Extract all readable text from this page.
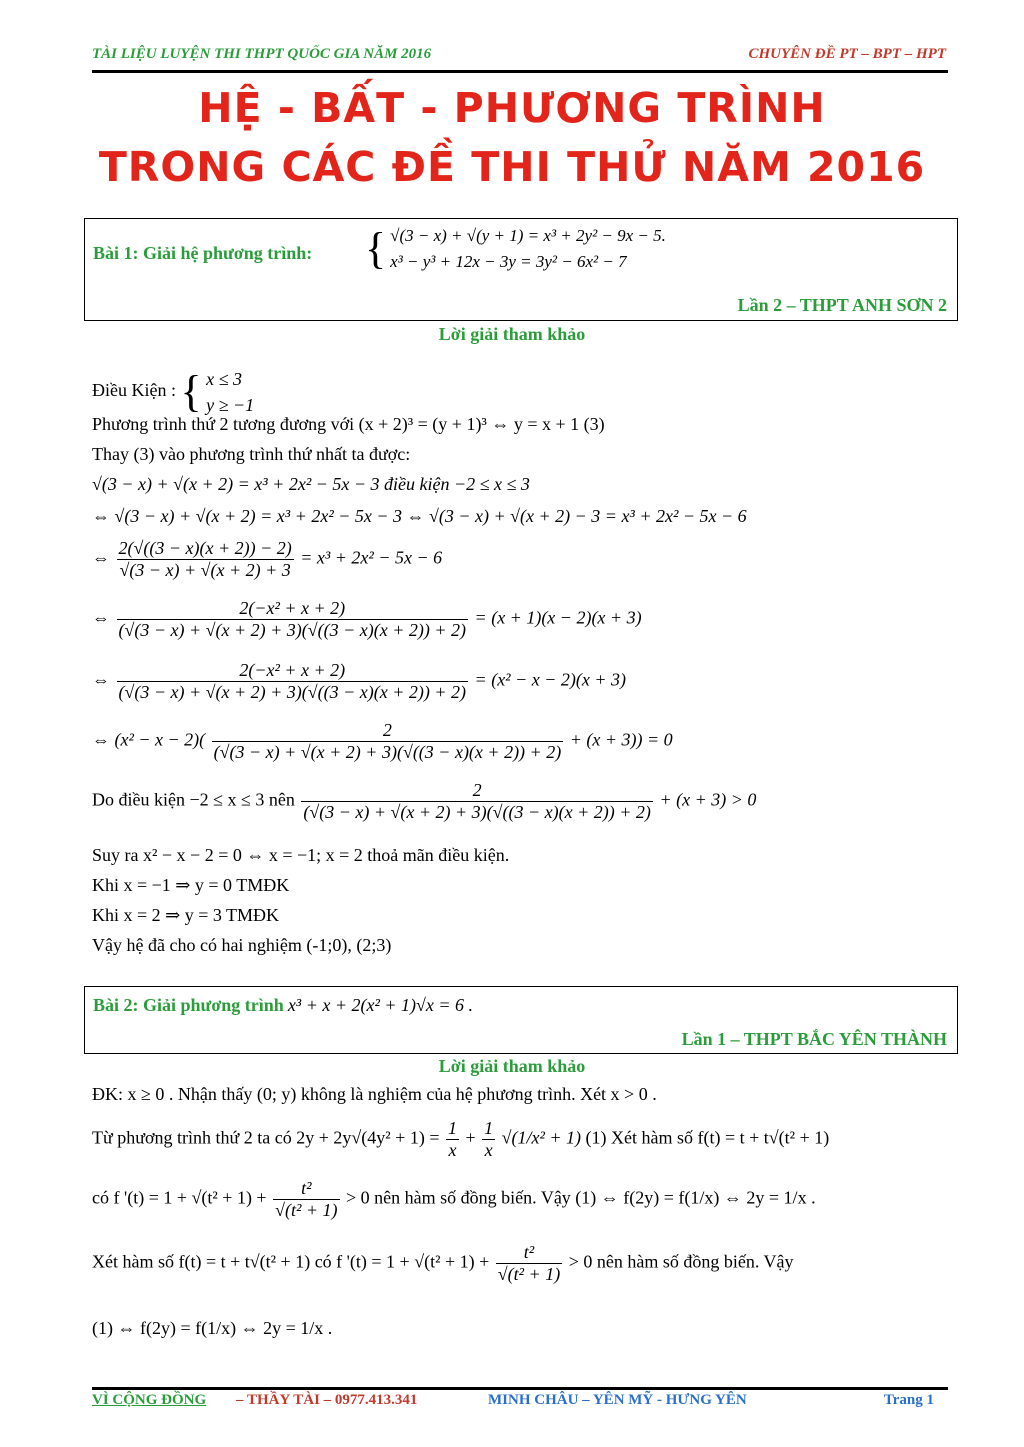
TÀI LIỆU LUYỆN THI THPT QUỐC GIA NĂM 2016	CHUYÊN ĐỀ PT – BPT – HPT
HỆ - BẤT - PHƯƠNG TRÌNH
TRONG CÁC ĐỀ THI THỬ NĂM 2016
Bài 1: Giải hệ phương trình: { √(3 − x) + √(y + 1) = x³ + 2y² − 9x − 5.
x³ − y³ + 12x − 3y = 3y² − 6x² − 7
Lần 2 – THPT ANH SƠN 2
Lời giải tham khảo
Điều Kiện : { x ≤ 3
y ≥ −1
Phương trình thứ 2 tương đương với (x + 2)³ = (y + 1)³ ⇔ y = x + 1 (3)
Thay (3) vào phương trình thứ nhất ta được:
√(3 − x) + √(x + 2) = x³ + 2x² − 5x − 3 điều kiện −2 ≤ x ≤ 3
⇔ √(3 − x) + √(x + 2) = x³ + 2x² − 5x − 3 ⇔ √(3 − x) + √(x + 2) − 3 = x³ + 2x² − 5x − 6
⇔ $\frac{2(√((3 - x)(x + 2)) - 2)}{√(3 - x) + √(x + 2) + 3} = x^3 + 2x^2 - 5x - 6$
⇔ $\frac{\text{2(−x² + x + 2)}}{(√(3 - x) + √(x + 2) + 3)(√((3 - x)(x + 2)) + 2)} = (x + 1)(x - 2)(x + 3)$
⇔ $\frac{\text{2(−x² + x + 2)}}{(√(3 - x) + √(x + 2) + 3)(√((3 - x)(x + 2)) + 2)} = (x^2 - x - 2)(x + 3)$
⇔ $(x^2 - x - 2)( \frac{2}{(√(3 - x) + √(x + 2) + 3)(√((3 - x)(x + 2)) + 2)} + (x + 3)) = 0$
Do điều kiện −2 ≤ x ≤ 3 nên $\frac{2}{(√(3 - x) + √(x + 2) + 3)(√((3 - x)(x + 2)) + 2)} + (x + 3) > 0$
Suy ra x² − x − 2 = 0 ⇔ x = −1; x = 2 thoả mãn điều kiện.
Khi x = −1 ⇒ y = 0 TMĐK
Khi x = 2 ⇒ y = 3 TMĐK
Vậy hệ đã cho có hai nghiệm (-1;0), (2;3)
Bài 2: Giải phương trình x³ + x + 2(x² + 1)√x = 6 .
Lần 1 – THPT BẮC YÊN THÀNH
Lời giải tham khảo
ĐK: x ≥ 0 . Nhận thấy (0; y) không là nghiệm của hệ phương trình. Xét x > 0 .
Từ phương trình thứ 2 ta có $2y + 2y√(4y^2 + 1) = \frac{1}{x} + \frac{1}{x} √(1/x^2 + 1)$ (1) Xét hàm số f(t) = t + t√(t² + 1)
có f '$(t) = 1 + √(t^2 + 1) + \frac{\text{t²}}{\text{√(t² + 1)}} > 0$ nên hàm số đồng biến. Vậy (1) ⇔ f(2y) = f(1/x) ⇔ 2y = 1/x .
Xét hàm số f(t) = t + t√(t² + 1) có f '$(t) = 1 + √(t^2 + 1) + \frac{\text{t²}}{\text{√(t² + 1)}} > 0$ nên hàm số đồng biến. Vậy
(1) ⇔ f(2y) = f(1/x) ⇔ 2y = 1/x .
VÌ CỘNG ĐỒNG – THẦY TÀI – 0977.413.341	MINH CHÂU – YÊN MỸ - HƯNG YÊN	Trang 1
